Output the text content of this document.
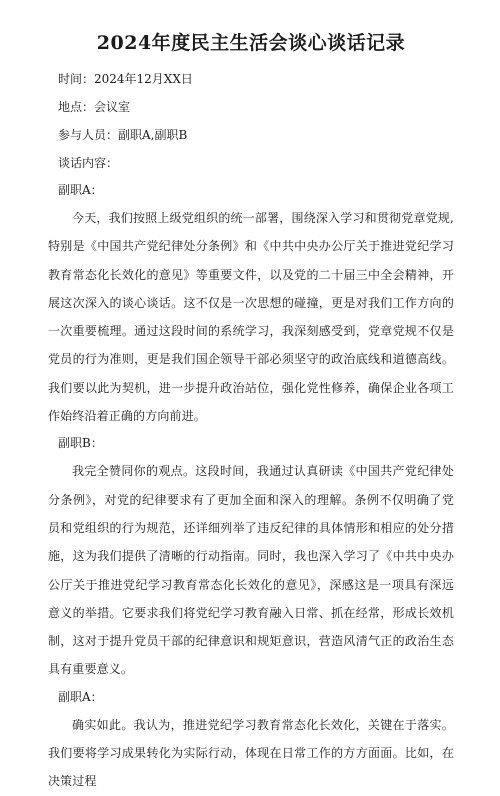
2024年度民主生活会谈心谈话记录

时间：2024年12月XX日

地点：会议室

参与人员：副职A,副职B

谈话内容：

副职A：

今天，我们按照上级党组织的统一部署，围绕深入学习和贯彻党章党规,特别是《中国共产党纪律处分条例》和《中共中央办公厅关于推进党纪学习教育常态化长效化的意见》等重要文件，以及党的二十届三中全会精神，开展这次深入的谈心谈话。这不仅是一次思想的碰撞，更是对我们工作方向的一次重要梳理。通过这段时间的系统学习，我深刻感受到，党章党规不仅是党员的行为准则，更是我们国企领导干部必须坚守的政治底线和道德高线。我们要以此为契机，进一步提升政治站位，强化党性修养，确保企业各项工作始终沿着正确的方向前进。

副职B：

我完全赞同你的观点。这段时间，我通过认真研读《中国共产党纪律处分条例》，对党的纪律要求有了更加全面和深入的理解。条例不仅明确了党员和党组织的行为规范，还详细列举了违反纪律的具体情形和相应的处分措施，这为我们提供了清晰的行动指南。同时，我也深入学习了《中共中央办公厅关于推进党纪学习教育常态化长效化的意见》，深感这是一项具有深远意义的举措。它要求我们将党纪学习教育融入日常、抓在经常，形成长效机制，这对于提升党员干部的纪律意识和规矩意识，营造风清气正的政治生态具有重要意义。

副职A：

确实如此。我认为，推进党纪学习教育常态化长效化，关键在于落实。我们要将学习成果转化为实际行动，体现在日常工作的方方面面。比如，在决策过程
